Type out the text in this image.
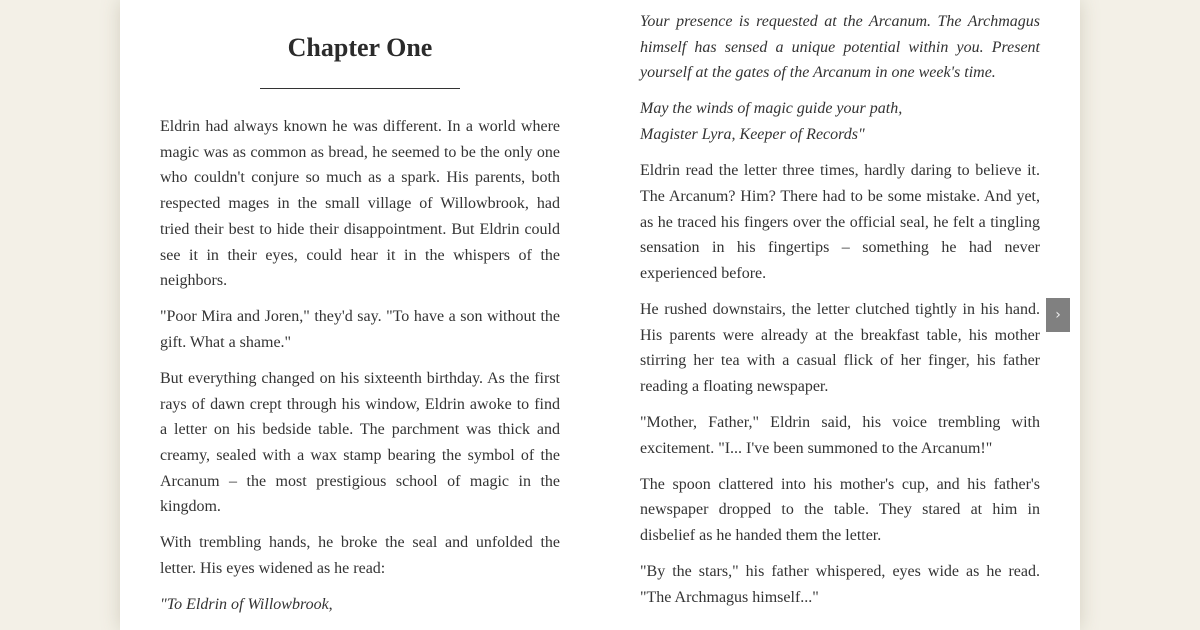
Chapter One

Eldrin had always known he was different. In a world where magic was as common as bread, he seemed to be the only one who couldn't conjure so much as a spark. His parents, both respected mages in the small village of Willowbrook, had tried their best to hide their disappointment. But Eldrin could see it in their eyes, could hear it in the whispers of the neighbors.

"Poor Mira and Joren," they'd say. "To have a son without the gift. What a shame."

But everything changed on his sixteenth birthday. As the first rays of dawn crept through his window, Eldrin awoke to find a letter on his bedside table. The parchment was thick and creamy, sealed with a wax stamp bearing the symbol of the Arcanum – the most prestigious school of magic in the kingdom.

With trembling hands, he broke the seal and unfolded the letter. His eyes widened as he read:

"To Eldrin of Willowbrook,

Your presence is requested at the Arcanum. The Archmagus himself has sensed a unique potential within you. Present yourself at the gates of the Arcanum in one week's time.

May the winds of magic guide your path,
Magister Lyra, Keeper of Records"

Eldrin read the letter three times, hardly daring to believe it. The Arcanum? Him? There had to be some mistake. And yet, as he traced his fingers over the official seal, he felt a tingling sensation in his fingertips – something he had never experienced before.

He rushed downstairs, the letter clutched tightly in his hand. His parents were already at the breakfast table, his mother stirring her tea with a casual flick of her finger, his father reading a floating newspaper.

"Mother, Father," Eldrin said, his voice trembling with excitement. "I... I've been summoned to the Arcanum!"

The spoon clattered into his mother's cup, and his father's newspaper dropped to the table. They stared at him in disbelief as he handed them the letter.

"By the stars," his father whispered, eyes wide as he read. "The Archmagus himself..."

›
